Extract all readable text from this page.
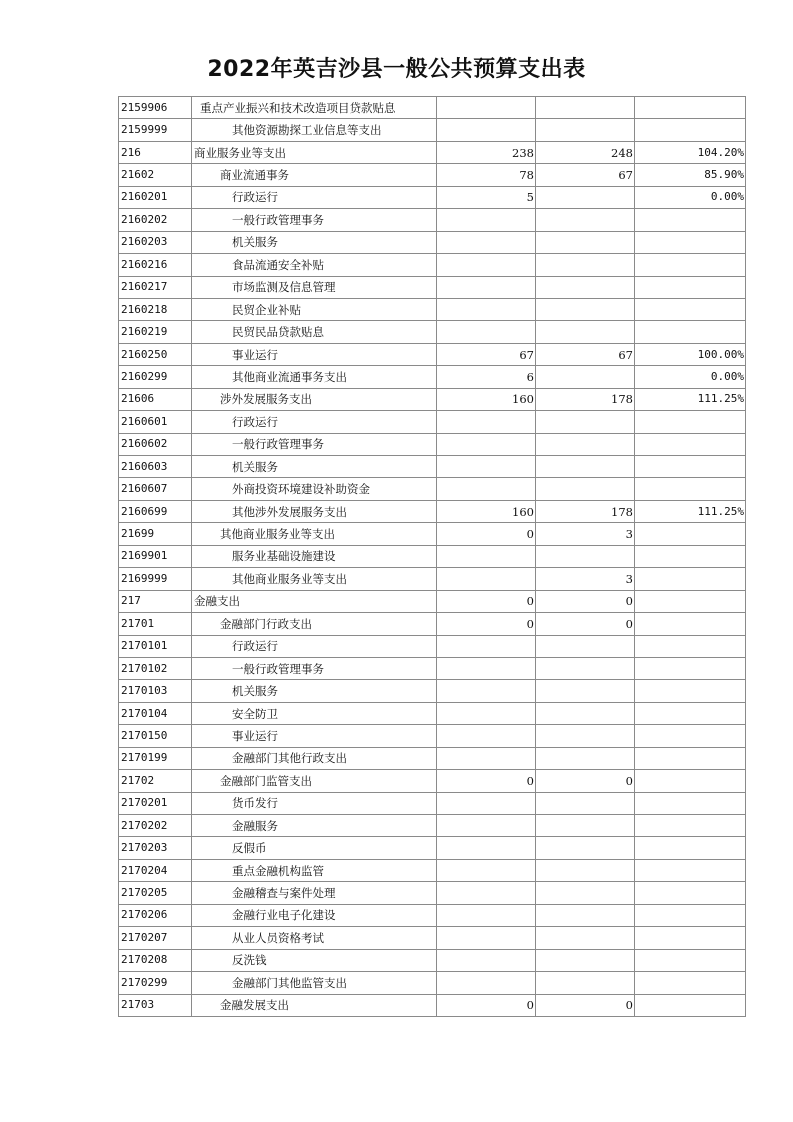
2022年英吉沙县一般公共预算支出表
2159906	重点产业振兴和技术改造项目贷款贴息			
2159999	其他资源勘探工业信息等支出			
216	商业服务业等支出	238	248	104.20%
21602	商业流通事务	78	67	85.90%
2160201	行政运行	5		0.00%
2160202	一般行政管理事务			
2160203	机关服务			
2160216	食品流通安全补贴			
2160217	市场监测及信息管理			
2160218	民贸企业补贴			
2160219	民贸民品贷款贴息			
2160250	事业运行	67	67	100.00%
2160299	其他商业流通事务支出	6		0.00%
21606	涉外发展服务支出	160	178	111.25%
2160601	行政运行			
2160602	一般行政管理事务			
2160603	机关服务			
2160607	外商投资环境建设补助资金			
2160699	其他涉外发展服务支出	160	178	111.25%
21699	其他商业服务业等支出	0	3	
2169901	服务业基础设施建设			
2169999	其他商业服务业等支出		3	
217	金融支出	0	0	
21701	金融部门行政支出	0	0	
2170101	行政运行			
2170102	一般行政管理事务			
2170103	机关服务			
2170104	安全防卫			
2170150	事业运行			
2170199	金融部门其他行政支出			
21702	金融部门监管支出	0	0	
2170201	货币发行			
2170202	金融服务			
2170203	反假币			
2170204	重点金融机构监管			
2170205	金融稽查与案件处理			
2170206	金融行业电子化建设			
2170207	从业人员资格考试			
2170208	反洗钱			
2170299	金融部门其他监管支出			
21703	金融发展支出	0	0	
